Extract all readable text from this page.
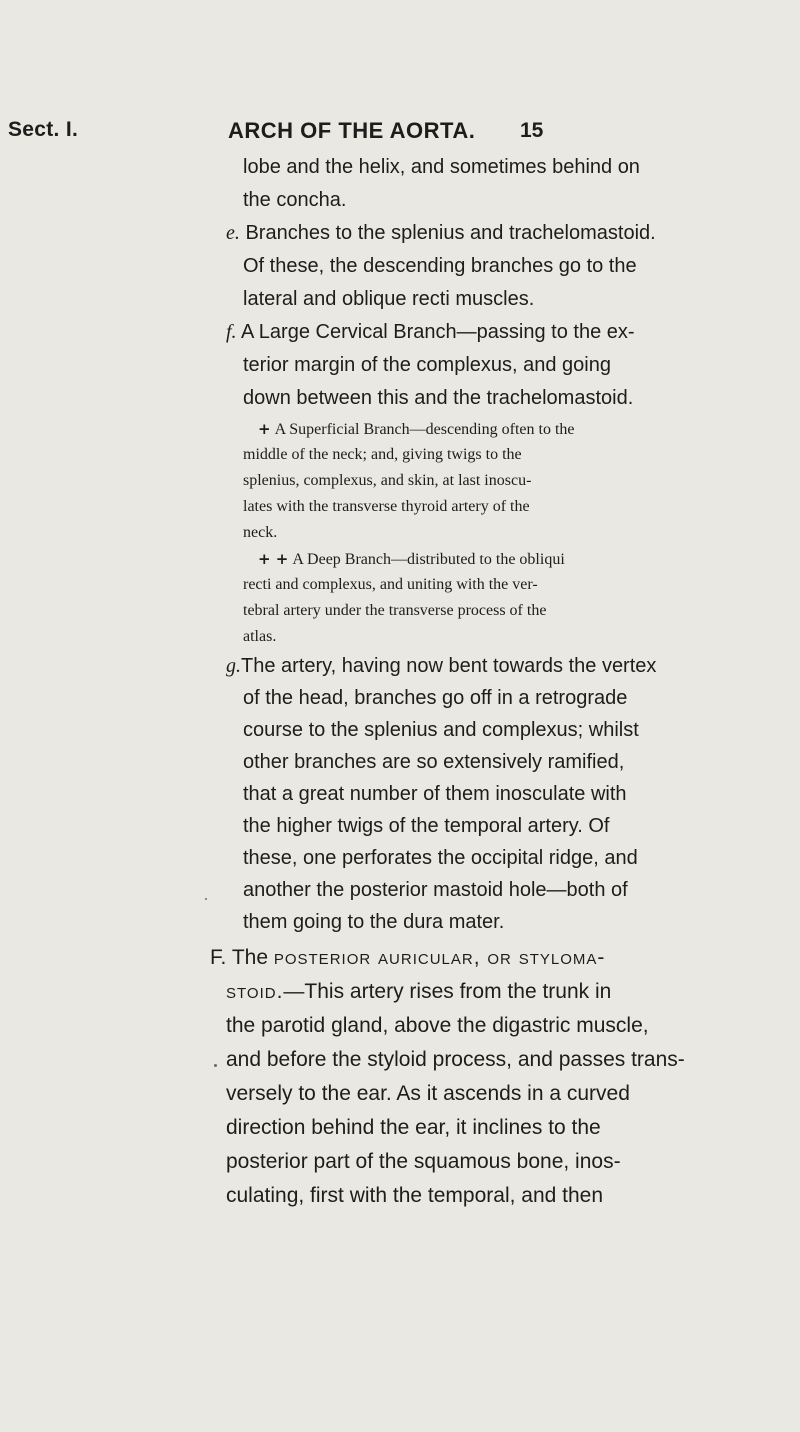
Sect. I.	ARCH OF THE AORTA. 15
lobe and the helix, and sometimes behind on
the concha.
e. Branches to the splenius and trachelomastoid.
Of these, the descending branches go to the
lateral and oblique recti muscles.
f. A Large Cervical Branch—passing to the ex-
terior margin of the complexus, and going
down between this and the trachelomastoid.
+ A Superficial Branch—descending often to the
middle of the neck; and, giving twigs to the
splenius, complexus, and skin, at last inoscu-
lates with the transverse thyroid artery of the
neck.
+ + A Deep Branch—distributed to the obliqui
recti and complexus, and uniting with the ver-
tebral artery under the transverse process of the
atlas.
g.The artery, having now bent towards the vertex
of the head, branches go off in a retrograde
course to the splenius and complexus; whilst
other branches are so extensively ramified,
that a great number of them inosculate with
the higher twigs of the temporal artery. Of
these, one perforates the occipital ridge, and
another the posterior mastoid hole—both of
them going to the dura mater.
F. The posterior auricular, or styloma-
stoid.—This artery rises from the trunk in
the parotid gland, above the digastric muscle,
and before the styloid process, and passes trans-
versely to the ear. As it ascends in a curved
direction behind the ear, it inclines to the
posterior part of the squamous bone, inos-
culating, first with the temporal, and then
